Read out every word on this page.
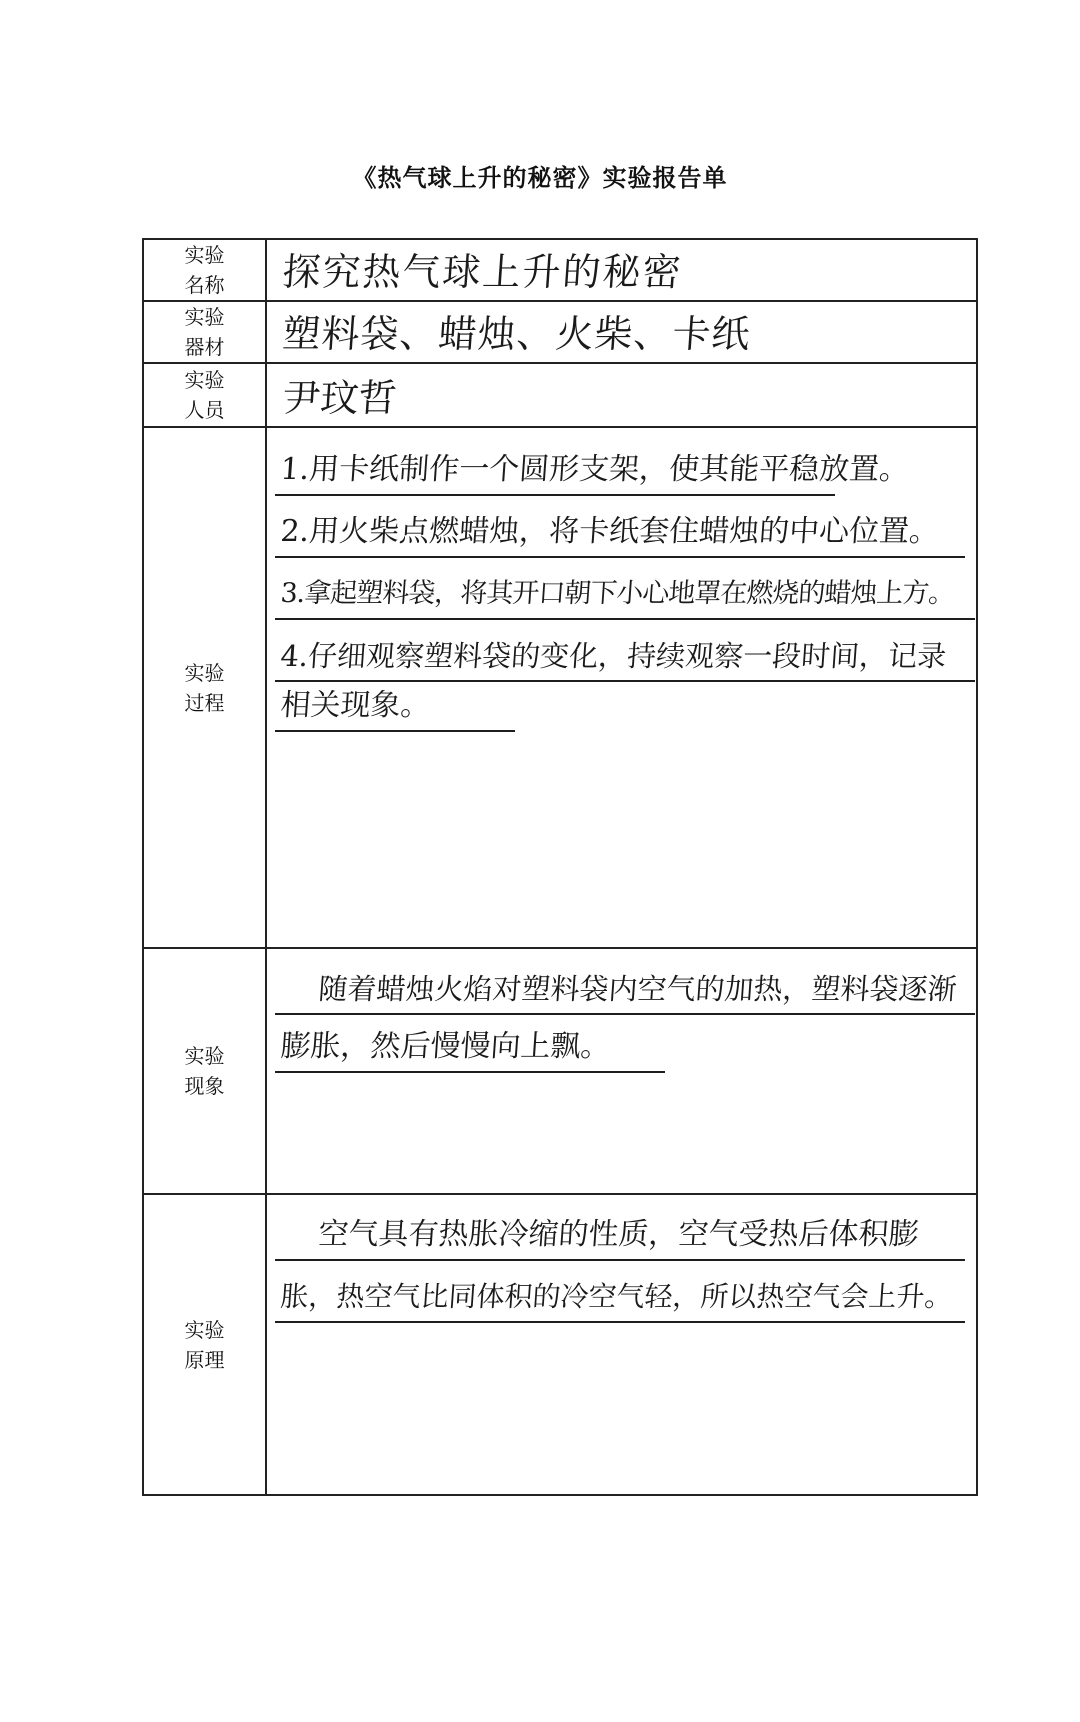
《热气球上升的秘密》实验报告单
实验名称 探究热气球上升的秘密
实验器材 塑料袋、蜡烛、火柴、卡纸
实验人员 尹玟哲
实验过程
1.用卡纸制作一个圆形支架，使其能平稳放置。
2.用火柴点燃蜡烛，将卡纸套住蜡烛的中心位置。
3.拿起塑料袋，将其开口朝下小心地罩在燃烧的蜡烛上方。
4.仔细观察塑料袋的变化，持续观察一段时间，记录
相关现象。
实验现象
随着蜡烛火焰对塑料袋内空气的加热，塑料袋逐渐
膨胀，然后慢慢向上飘。
实验原理
空气具有热胀冷缩的性质，空气受热后体积膨
胀，热空气比同体积的冷空气轻，所以热空气会上升。
